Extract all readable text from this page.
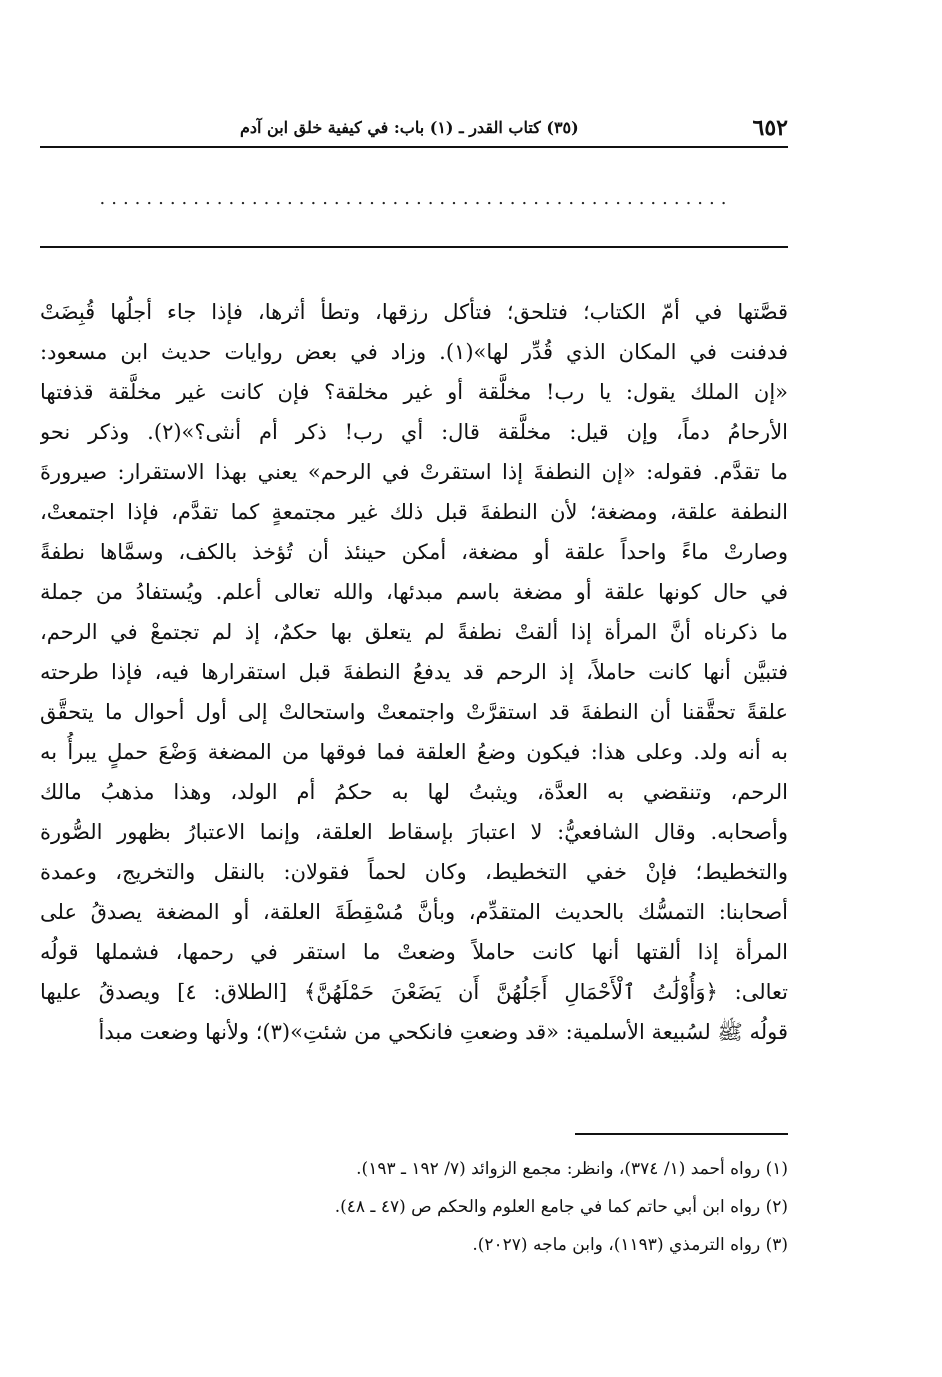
٦٥٢
(٣٥) كتاب القدر ـ (١) باب: في كيفية خلق ابن آدم
......................................................
قصَّتها في أمّ الكتاب؛ فتلحق؛ فتأكل رزقها، وتطأ أثرها، فإذا جاء أجلُها قُبِضَتْ
فدفنت في المكان الذي قُدِّر لها»(١). وزاد في بعض روايات حديث ابن مسعود:
«إن الملك يقول: يا رب! مخلَّقة أو غير مخلقة؟ فإن كانت غير مخلَّقة قذفتها
الأرحامُ دماً، وإن قيل: مخلَّقة قال: أي رب! ذكر أم أنثى؟»(٢). وذكر نحو
ما تقدَّم. فقوله: «إن النطفةَ إذا استقرتْ في الرحم» يعني بهذا الاستقرار: صيرورةَ
النطفة علقة، ومضغة؛ لأن النطفةَ قبل ذلك غير مجتمعةٍ كما تقدَّم، فإذا اجتمعتْ،
وصارتْ ماءً واحداً علقة أو مضغة، أمكن حينئذ أن تُؤخذ بالكف، وسمَّاها نطفةً
في حال كونها علقة أو مضغة باسم مبدئها، والله تعالى أعلم. ويُستفادُ من جملة
ما ذكرناه أنَّ المرأة إذا ألقتْ نطفةً لم يتعلق بها حكمٌ، إذ لم تجتمعْ في الرحم،
فتبيَّن أنها كانت حاملاً، إذ الرحم قد يدفعُ النطفةَ قبل استقرارها فيه، فإذا طرحته
علقةً تحقَّقنا أن النطفةَ قد استقرَّتْ واجتمعتْ واستحالتْ إلى أول أحوال ما يتحقَّق
به أنه ولد. وعلى هذا: فيكون وضعُ العلقة فما فوقها من المضغة وَضْعَ حملٍ يبرأُ به
الرحم، وتنقضي به العدَّة، ويثبتُ لها به حكمُ أم الولد، وهذا مذهبُ مالك
وأصحابه. وقال الشافعيُّ: لا اعتبارَ بإسقاط العلقة، وإنما الاعتبارُ بظهور الصُّورة
والتخطيط؛ فإنْ خفي التخطيط، وكان لحماً فقولان: بالنقل والتخريج، وعمدة
أصحابنا: التمسُّك بالحديث المتقدِّم، وبأنَّ مُسْقِطَةَ العلقة، أو المضغة يصدقُ على
المرأة إذا ألقتها أنها كانت حاملاً وضعتْ ما استقر في رحمها، فشملها قولُه
تعالى: ﴿وَأُوْلَٰتُ ٱلْأَحْمَالِ أَجَلُهُنَّ أَن يَضَعْنَ حَمْلَهُنَّ﴾ [الطلاق: ٤] ويصدقُ عليها
قولُه ﷺ لسُبيعة الأسلمية: «قد وضعتِ فانكحي من شئتِ»(٣)؛ ولأنها وضعت مبدأ
(١) رواه أحمد (١/ ٣٧٤)، وانظر: مجمع الزوائد (٧/ ١٩٢ ـ ١٩٣).
(٢) رواه ابن أبي حاتم كما في جامع العلوم والحكم ص (٤٧ ـ ٤٨).
(٣) رواه الترمذي (١١٩٣)، وابن ماجه (٢٠٢٧).
